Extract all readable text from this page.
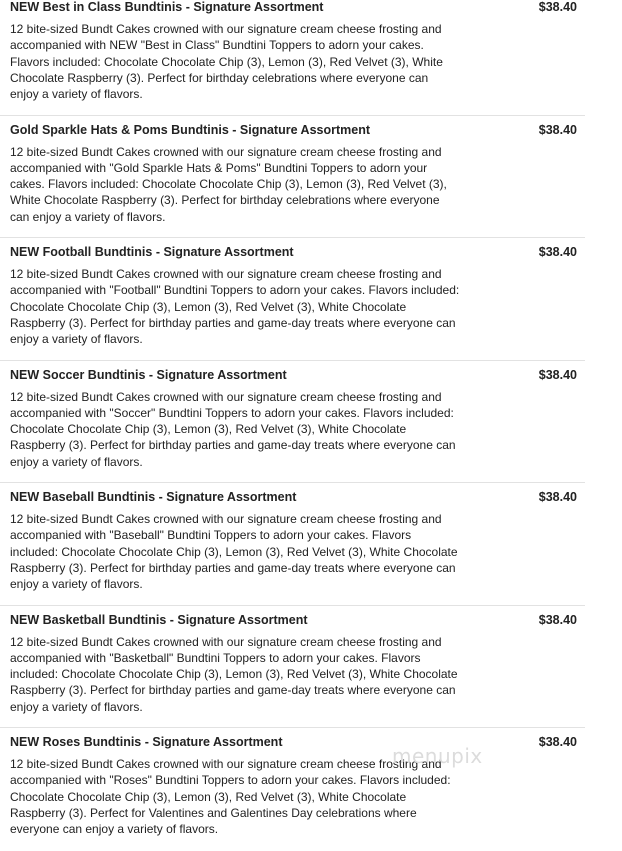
NEW Best in Class Bundtinis - Signature Assortment	$38.40
12 bite-sized Bundt Cakes crowned with our signature cream cheese frosting and accompanied with NEW "Best in Class" Bundtini Toppers to adorn your cakes. Flavors included: Chocolate Chocolate Chip (3), Lemon (3), Red Velvet (3), White Chocolate Raspberry (3). Perfect for birthday celebrations where everyone can enjoy a variety of flavors.
Gold Sparkle Hats & Poms Bundtinis - Signature Assortment	$38.40
12 bite-sized Bundt Cakes crowned with our signature cream cheese frosting and accompanied with "Gold Sparkle Hats & Poms" Bundtini Toppers to adorn your cakes. Flavors included: Chocolate Chocolate Chip (3), Lemon (3), Red Velvet (3), White Chocolate Raspberry (3). Perfect for birthday celebrations where everyone can enjoy a variety of flavors.
NEW Football Bundtinis - Signature Assortment	$38.40
12 bite-sized Bundt Cakes crowned with our signature cream cheese frosting and accompanied with "Football" Bundtini Toppers to adorn your cakes. Flavors included: Chocolate Chocolate Chip (3), Lemon (3), Red Velvet (3), White Chocolate Raspberry (3). Perfect for birthday parties and game-day treats where everyone can enjoy a variety of flavors.
NEW Soccer Bundtinis - Signature Assortment	$38.40
12 bite-sized Bundt Cakes crowned with our signature cream cheese frosting and accompanied with "Soccer" Bundtini Toppers to adorn your cakes. Flavors included: Chocolate Chocolate Chip (3), Lemon (3), Red Velvet (3), White Chocolate Raspberry (3). Perfect for birthday parties and game-day treats where everyone can enjoy a variety of flavors.
NEW Baseball Bundtinis - Signature Assortment	$38.40
12 bite-sized Bundt Cakes crowned with our signature cream cheese frosting and accompanied with "Baseball" Bundtini Toppers to adorn your cakes. Flavors included: Chocolate Chocolate Chip (3), Lemon (3), Red Velvet (3), White Chocolate Raspberry (3). Perfect for birthday parties and game-day treats where everyone can enjoy a variety of flavors.
NEW Basketball Bundtinis - Signature Assortment	$38.40
12 bite-sized Bundt Cakes crowned with our signature cream cheese frosting and accompanied with "Basketball" Bundtini Toppers to adorn your cakes. Flavors included: Chocolate Chocolate Chip (3), Lemon (3), Red Velvet (3), White Chocolate Raspberry (3). Perfect for birthday parties and game-day treats where everyone can enjoy a variety of flavors.
NEW Roses Bundtinis - Signature Assortment	$38.40
12 bite-sized Bundt Cakes crowned with our signature cream cheese frosting and accompanied with "Roses" Bundtini Toppers to adorn your cakes. Flavors included: Chocolate Chocolate Chip (3), Lemon (3), Red Velvet (3), White Chocolate Raspberry (3). Perfect for Valentines and Galentines Day celebrations where everyone can enjoy a variety of flavors.
menupix
